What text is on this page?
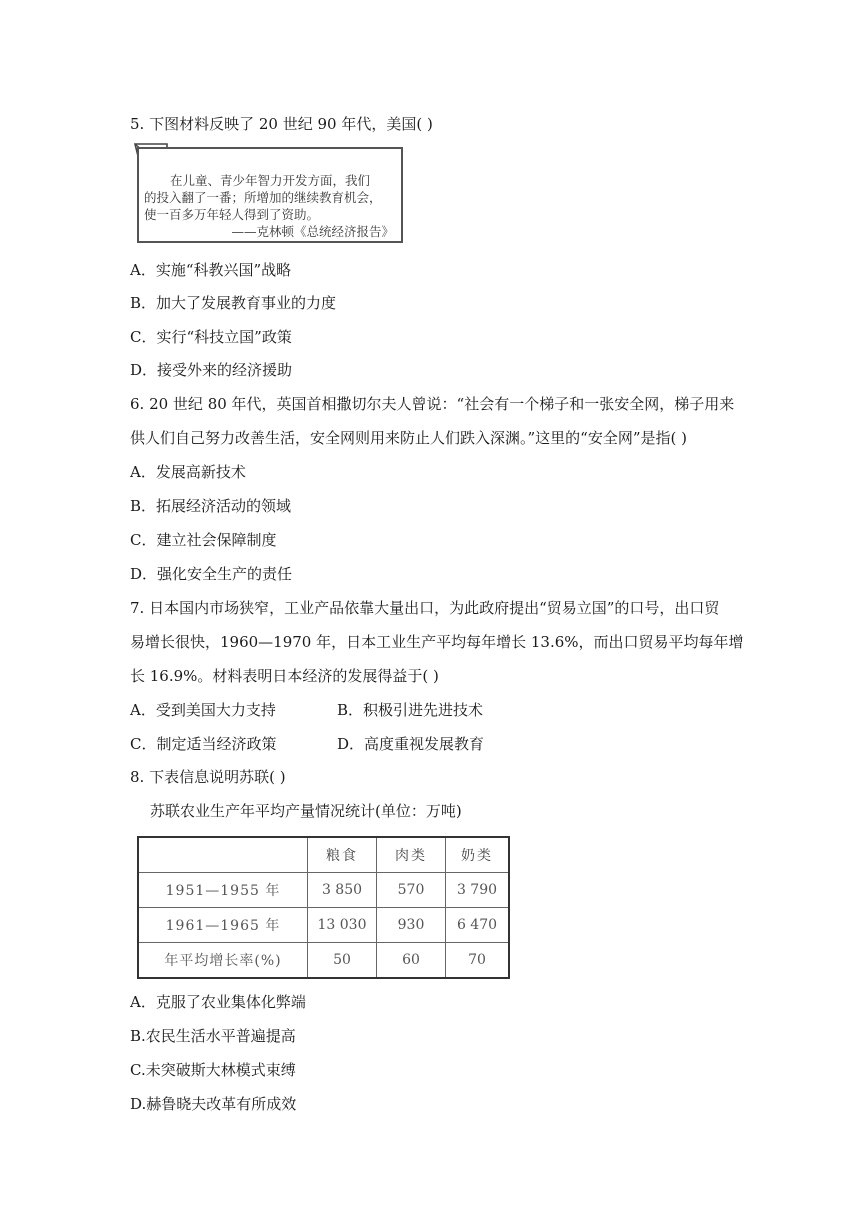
5. 下图材料反映了 20 世纪 90 年代，美国( )
在儿童、青少年智力开发方面，我们
的投入翻了一番；所增加的继续教育机会，
使一百多万年轻人得到了资助。
——克林顿《总统经济报告》
A．实施“科教兴国”战略
B．加大了发展教育事业的力度
C．实行“科技立国”政策
D．接受外来的经济援助
6. 20 世纪 80 年代，英国首相撒切尔夫人曾说：“社会有一个梯子和一张安全网，梯子用来
供人们自己努力改善生活，安全网则用来防止人们跌入深渊。”这里的“安全网”是指( )
A．发展高新技术
B．拓展经济活动的领域
C．建立社会保障制度
D．强化安全生产的责任
7. 日本国内市场狭窄，工业产品依靠大量出口，为此政府提出“贸易立国”的口号，出口贸
易增长很快，1960—1970 年，日本工业生产平均每年增长 13.6%，而出口贸易平均每年增
长 16.9%。材料表明日本经济的发展得益于( )
A．受到美国大力支持	B．积极引进先进技术
C．制定适当经济政策	D．高度重视发展教育
8. 下表信息说明苏联( )
苏联农业生产年平均产量情况统计(单位：万吨)
	粮食	肉类	奶类
1951—1955 年	3 850	570	3 790
1961—1965 年	13 030	930	6 470
年平均增长率(%)	50	60	70
A．克服了农业集体化弊端
B.农民生活水平普遍提高
C.未突破斯大林模式束缚
D.赫鲁晓夫改革有所成效
